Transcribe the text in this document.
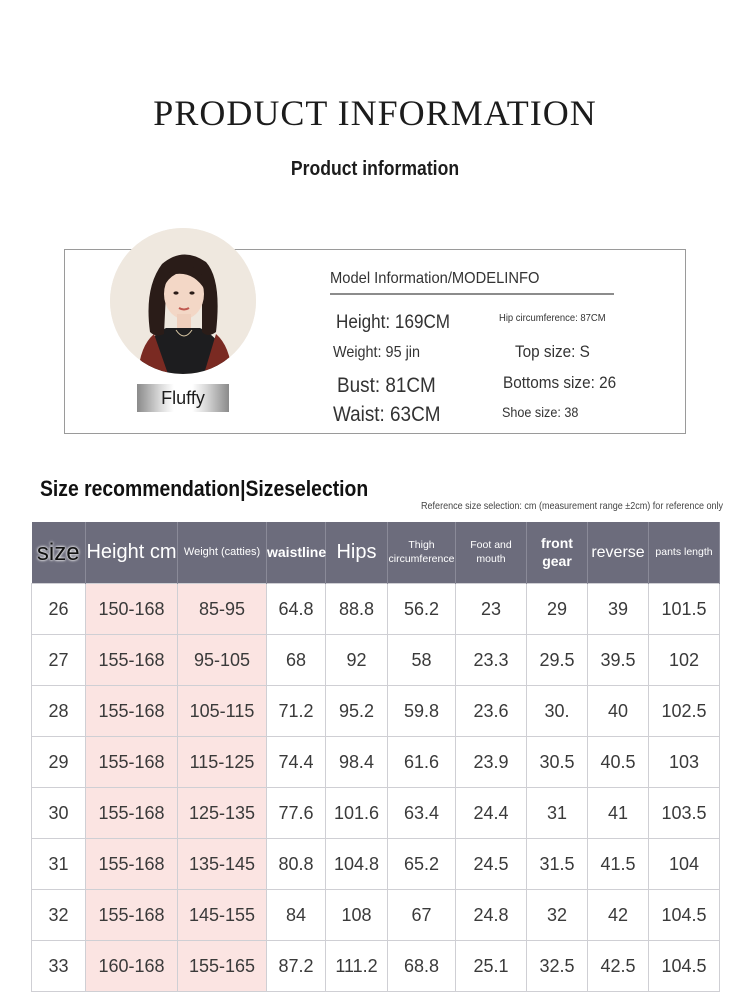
PRODUCT INFORMATION
Product information
Fluffy
Model Information/MODELINFO
Height: 169CM
Weight: 95 jin
Bust: 81CM
Waist: 63CM
Hip circumference: 87CM
Top size: S
Bottoms size: 26
Shoe size: 38
Size recommendation|Sizeselection
Reference size selection: cm (measurement range ±2cm) for reference only
size	Height cm	Weight (catties)	waistline	Hips	Thigh circumference	Foot and mouth	front gear	reverse	pants length
26	150-168	85-95	64.8	88.8	56.2	23	29	39	101.5
27	155-168	95-105	68	92	58	23.3	29.5	39.5	102
28	155-168	105-115	71.2	95.2	59.8	23.6	30.	40	102.5
29	155-168	115-125	74.4	98.4	61.6	23.9	30.5	40.5	103
30	155-168	125-135	77.6	101.6	63.4	24.4	31	41	103.5
31	155-168	135-145	80.8	104.8	65.2	24.5	31.5	41.5	104
32	155-168	145-155	84	108	67	24.8	32	42	104.5
33	160-168	155-165	87.2	111.2	68.8	25.1	32.5	42.5	104.5
